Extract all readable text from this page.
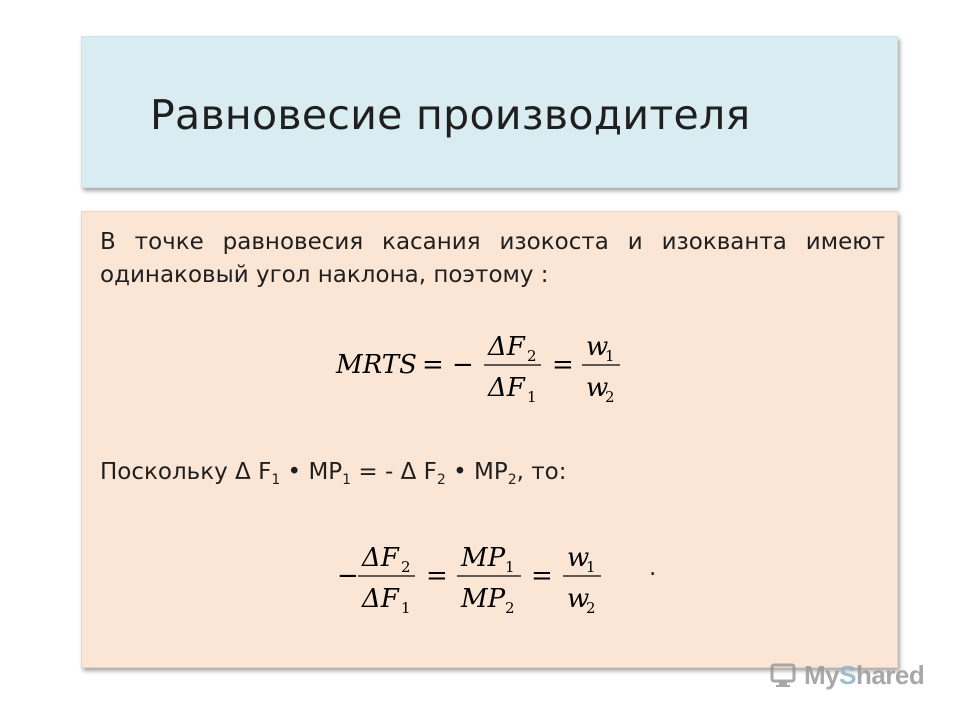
Равновесие производителя
В точке равновесия касания изокоста и изокванта имеют одинаковый угол наклона, поэтому :
MRTS = −
ΔF 2
ΔF 1
=
w
1
w
2
Поскольку Δ $F_1$ • $MP_1$ = - Δ $F_2$ • $MP_2$, то:
−
ΔF 2
ΔF 1
=
MP 1
MP 2
=
w
1
w
2
.
MyShared
